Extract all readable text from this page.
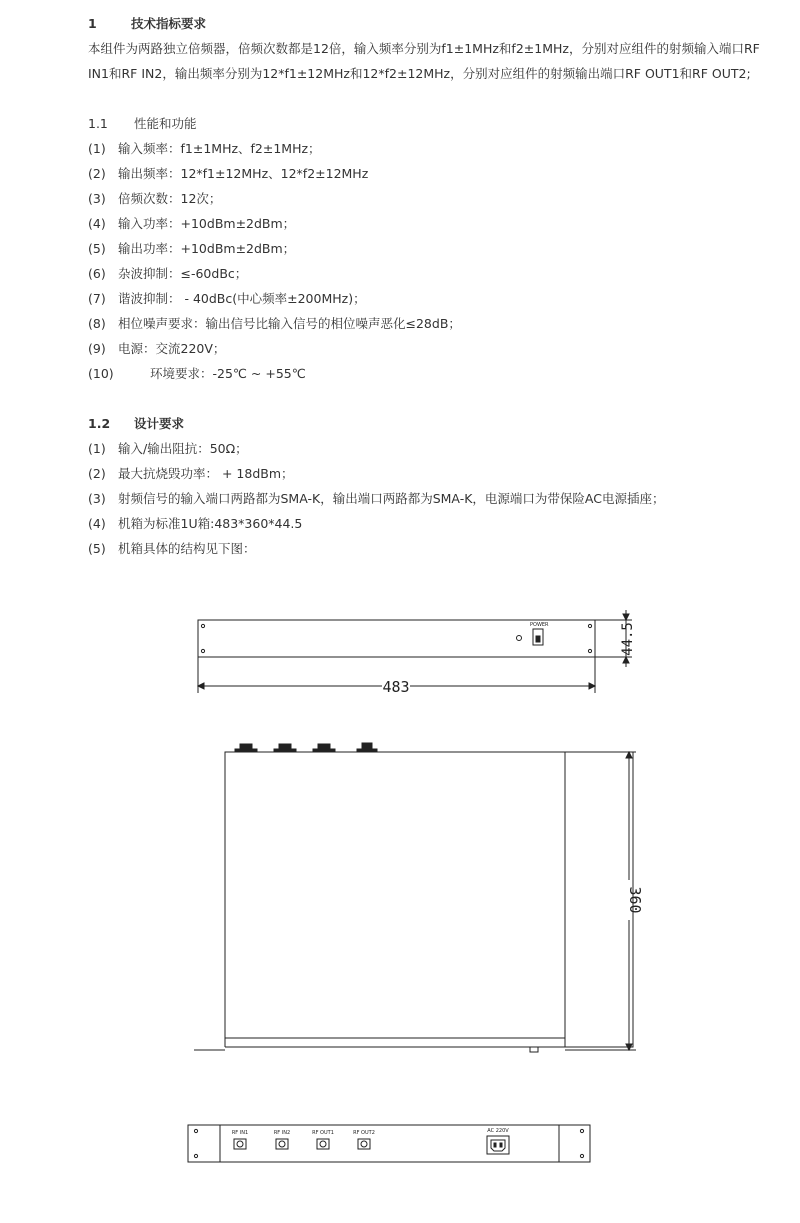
1	技术指标要求
本组件为两路独立倍频器，倍频次数都是12倍，输入频率分别为f1±1MHz和f2±1MHz，分别对应组件的射频输入端口RF IN1和RF IN2，输出频率分别为12*f1±12MHz和12*f2±12MHz，分别对应组件的射频输出端口RF OUT1和RF OUT2;
1.1 性能和功能
(1) 输入频率：f1±1MHz、f2±1MHz；
(2) 输出频率：12*f1±12MHz、12*f2±12MHz
(3) 倍频次数：12次；
(4) 输入功率：+10dBm±2dBm；
(5) 输出功率：+10dBm±2dBm；
(6) 杂波抑制：≤-60dBc；
(7) 谐波抑制： - 40dBc(中心频率±200MHz)；
(8) 相位噪声要求：输出信号比输入信号的相位噪声恶化≤28dB；
(9) 电源：交流220V；
(10)	环境要求：-25℃ ~ +55℃
1.2 设计要求
(1) 输入/输出阻抗：50Ω；
(2) 最大抗烧毁功率： + 18dBm；
(3) 射频信号的输入端口两路都为SMA-K，输出端口两路都为SMA-K，电源端口为带保险AC电源插座；
(4) 机箱为标准1U箱:483*360*44.5
(5) 机箱具体的结构见下图：
POWER	44.5
483
360
RF IN1	RF IN2	RF OUT1	RF OUT2	AC 220V
